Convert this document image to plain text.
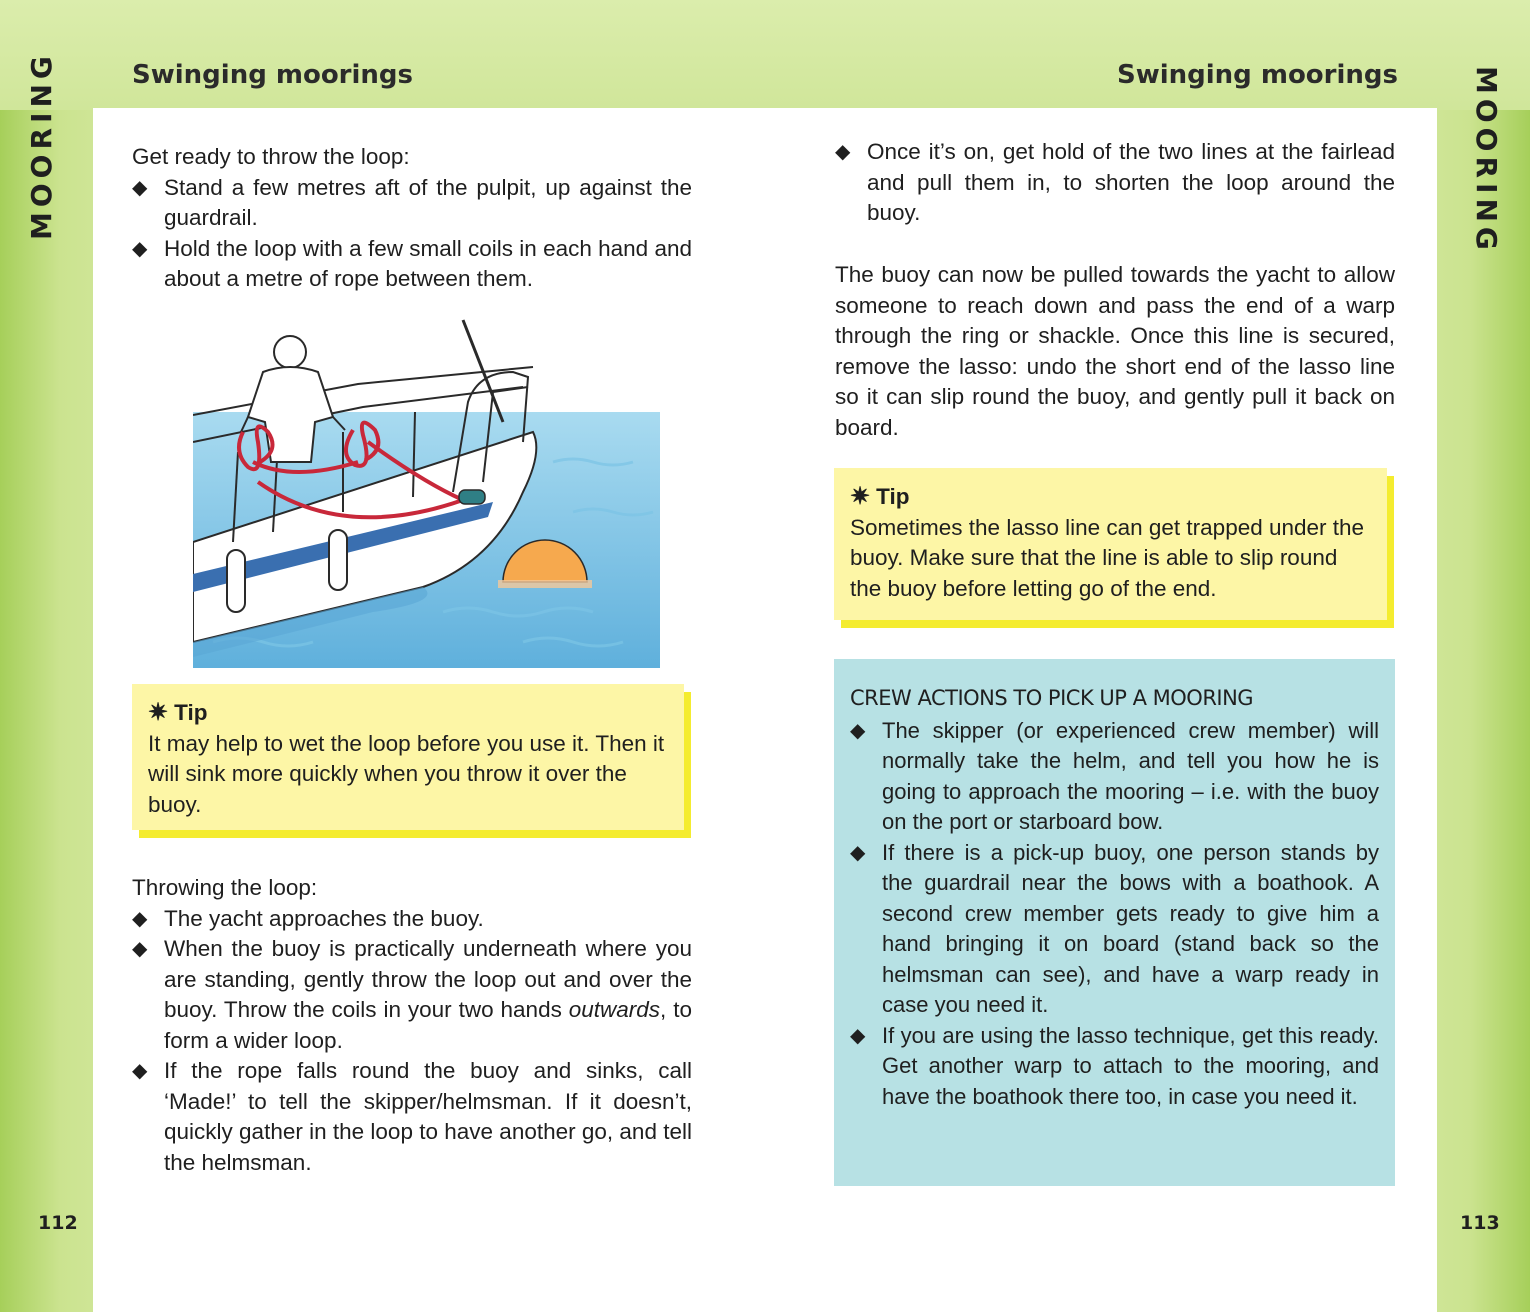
Swinging moorings	Swinging moorings
MOORING	MOORING
112	113

Get ready to throw the loop:

◆ Stand a few metres aft of the pulpit, up against the guardrail.
◆ Hold the loop with a few small coils in each hand and about a metre of rope between them.
✷ Tip

It may help to wet the loop before you use it. Then it will sink more quickly when you throw it over the buoy.

Throwing the loop:

◆ The yacht approaches the buoy.
◆ When the buoy is practically underneath where you are standing, gently throw the loop out and over the buoy. Throw the coils in your two hands outwards, to form a wider loop.
◆ If the rope falls round the buoy and sinks, call ‘Made!’ to tell the skipper/helmsman. If it doesn’t, quickly gather in the loop to have another go, and tell the helmsman.
◆ Once it’s on, get hold of the two lines at the fairlead and pull them in, to shorten the loop around the buoy.
The buoy can now be pulled towards the yacht to allow someone to reach down and pass the end of a warp through the ring or shackle. Once this line is secured, remove the lasso: undo the short end of the lasso line so it can slip round the buoy, and gently pull it back on board.
✷ Tip

Sometimes the lasso line can get trapped under the buoy. Make sure that the line is able to slip round the buoy before letting go of the end.

CREW ACTIONS TO PICK UP A MOORING
◆ The skipper (or experienced crew member) will normally take the helm, and tell you how he is going to approach the mooring – i.e. with the buoy on the port or starboard bow.
◆ If there is a pick-up buoy, one person stands by the guardrail near the bows with a boathook. A second crew member gets ready to give him a hand bringing it on board (stand back so the helmsman can see), and have a warp ready in case you need it.
◆ If you are using the lasso technique, get this ready. Get another warp to attach to the mooring, and have the boathook there too, in case you need it.
